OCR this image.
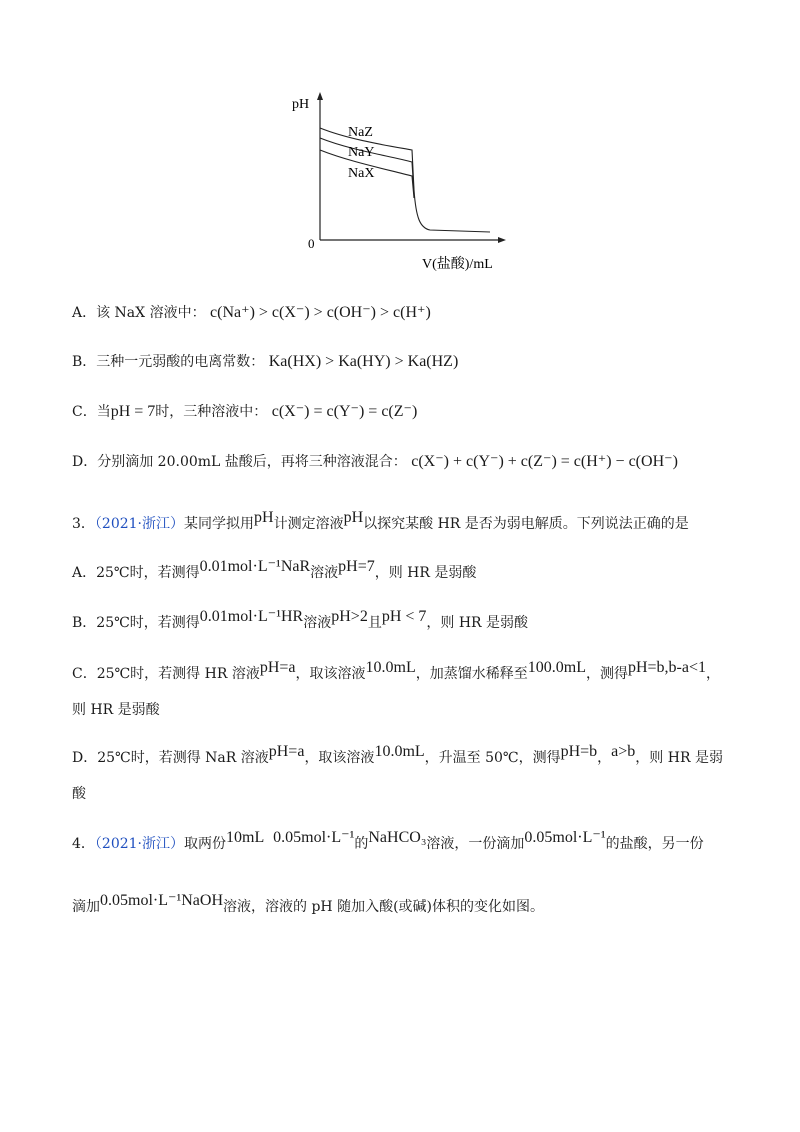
pH
0
V(盐酸)/mL
NaZ
NaY
NaX
A．该 NaX 溶液中： c(Na⁺) > c(X⁻) > c(OH⁻) > c(H⁺)
B．三种一元弱酸的电离常数： Ka(HX) > Ka(HY) > Ka(HZ)
C．当pH = 7时，三种溶液中： c(X⁻) = c(Y⁻) = c(Z⁻)
D．分别滴加 20.00mL 盐酸后，再将三种溶液混合： c(X⁻) + c(Y⁻) + c(Z⁻) = c(H⁺) − c(OH⁻)
3．（2021·浙江）某同学拟用pH计测定溶液pH以探究某酸 HR 是否为弱电解质。下列说法正确的是
A．25℃时，若测得0.01mol·L⁻¹NaR溶液pH=7，则 HR 是弱酸
B．25℃时，若测得0.01mol·L⁻¹HR溶液pH>2且pH < 7，则 HR 是弱酸
C．25℃时，若测得 HR 溶液pH=a，取该溶液10.0mL，加蒸馏水稀释至100.0mL，测得pH=b,b-a<1，
则 HR 是弱酸
D．25℃时，若测得 NaR 溶液pH=a，取该溶液10.0mL，升温至 50℃，测得pH=b，a>b，则 HR 是弱
酸
4．（2021·浙江）取两份10mL 0.05mol·L⁻¹的NaHCO₃溶液，一份滴加0.05mol·L⁻¹的盐酸，另一份
滴加0.05mol·L⁻¹NaOH溶液，溶液的 pH 随加入酸(或碱)体积的变化如图。
